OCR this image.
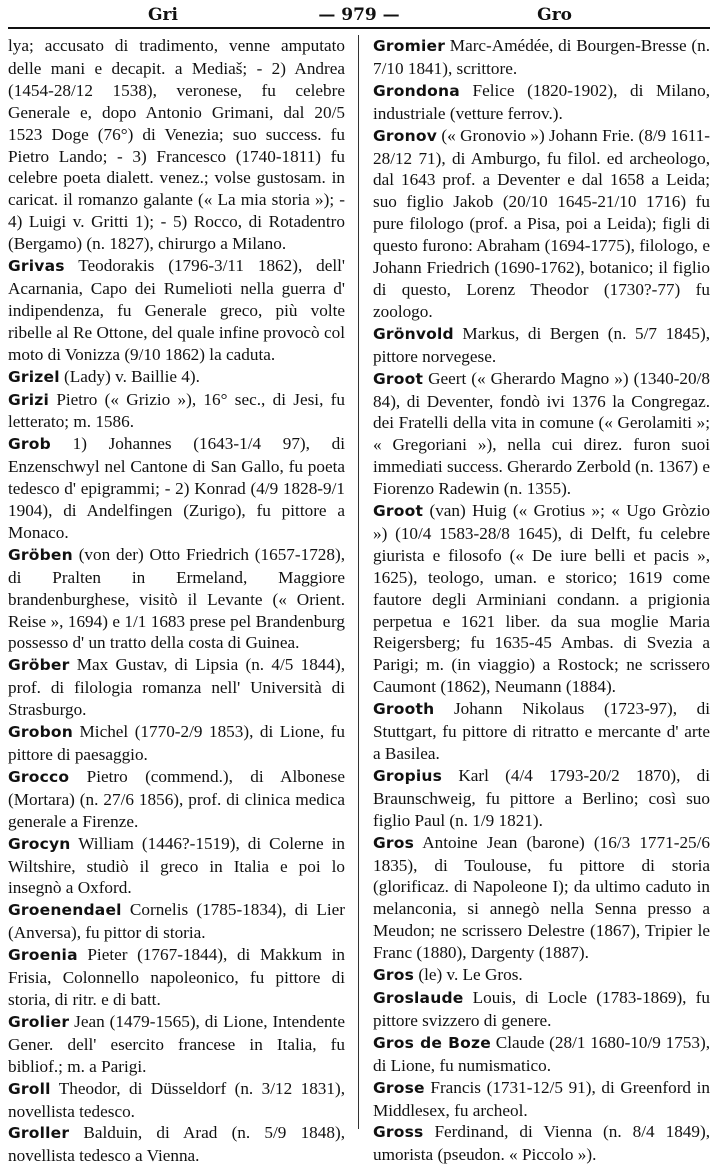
Gri	— 979 —	Gro

lya; accusato di tradimento, venne amputato delle mani e decapit. a Mediaš; - 2) Andrea (1454-28/12 1538), veronese, fu celebre Generale e, dopo Antonio Grimani, dal 20/5 1523 Doge (76°) di Venezia; suo success. fu Pietro Lando; - 3) Francesco (1740-1811) fu celebre poeta dialett. venez.; volse gustosam. in caricat. il romanzo galante (« La mia storia »); - 4) Luigi v. Gritti 1); - 5) Rocco, di Rotadentro (Bergamo) (n. 1827), chirurgo a Milano.

Grivas Teodorakis (1796-3/11 1862), dell' Acarnania, Capo dei Rumelioti nella guerra d' indipendenza, fu Generale greco, più volte ribelle al Re Ottone, del quale infine provocò col moto di Vonizza (9/10 1862) la caduta.

Grizel (Lady) v. Baillie 4).

Grizi Pietro (« Grizio »), 16° sec., di Jesi, fu letterato; m. 1586.

Grob 1) Johannes (1643-1/4 97), di Enzenschwyl nel Cantone di San Gallo, fu poeta tedesco d' epigrammi; - 2) Konrad (4/9 1828-9/1 1904), di Andelfingen (Zurigo), fu pittore a Monaco.

Gröben (von der) Otto Friedrich (1657-1728), di Pralten in Ermeland, Maggiore brandenburghese, visitò il Levante (« Orient. Reise », 1694) e 1/1 1683 prese pel Brandenburg possesso d' un tratto della costa di Guinea.

Gröber Max Gustav, di Lipsia (n. 4/5 1844), prof. di filologia romanza nell' Università di Strasburgo.

Grobon Michel (1770-2/9 1853), di Lione, fu pittore di paesaggio.

Grocco Pietro (commend.), di Albonese (Mortara) (n. 27/6 1856), prof. di clinica medica generale a Firenze.

Grocyn William (1446?-1519), di Colerne in Wiltshire, studiò il greco in Italia e poi lo insegnò a Oxford.

Groenendael Cornelis (1785-1834), di Lier (Anversa), fu pittor di storia.

Groenia Pieter (1767-1844), di Makkum in Frisia, Colonnello napoleonico, fu pittore di storia, di ritr. e di batt.

Grolier Jean (1479-1565), di Lione, Intendente Gener. dell' esercito francese in Italia, fu bibliof.; m. a Parigi.

Groll Theodor, di Düsseldorf (n. 3/12 1831), novellista tedesco.

Groller Balduin, di Arad (n. 5/9 1848), novellista tedesco a Vienna.

Gromier Marc-Amédée, di Bourgen-Bresse (n. 7/10 1841), scrittore.

Grondona Felice (1820-1902), di Milano, industriale (vetture ferrov.).

Gronov (« Gronovio ») Johann Frie. (8/9 1611-28/12 71), di Amburgo, fu filol. ed archeologo, dal 1643 prof. a Deventer e dal 1658 a Leida; suo figlio Jakob (20/10 1645-21/10 1716) fu pure filologo (prof. a Pisa, poi a Leida); figli di questo furono: Abraham (1694-1775), filologo, e Johann Friedrich (1690-1762), botanico; il figlio di questo, Lorenz Theodor (1730?-77) fu zoologo.

Grönvold Markus, di Bergen (n. 5/7 1845), pittore norvegese.

Groot Geert (« Gherardo Magno ») (1340-20/8 84), di Deventer, fondò ivi 1376 la Congregaz. dei Fratelli della vita in comune (« Gerolamiti »; « Gregoriani »), nella cui direz. furon suoi immediati success. Gherardo Zerbold (n. 1367) e Fiorenzo Radewin (n. 1355).

Groot (van) Huig (« Grotius »; « Ugo Gròzio ») (10/4 1583-28/8 1645), di Delft, fu celebre giurista e filosofo (« De iure belli et pacis », 1625), teologo, uman. e storico; 1619 come fautore degli Arminiani condann. a prigionia perpetua e 1621 liber. da sua moglie Maria Reigersberg; fu 1635-45 Ambas. di Svezia a Parigi; m. (in viaggio) a Rostock; ne scrissero Caumont (1862), Neumann (1884).

Grooth Johann Nikolaus (1723-97), di Stuttgart, fu pittore di ritratto e mercante d' arte a Basilea.

Gropius Karl (4/4 1793-20/2 1870), di Braunschweig, fu pittore a Berlino; così suo figlio Paul (n. 1/9 1821).

Gros Antoine Jean (barone) (16/3 1771-25/6 1835), di Toulouse, fu pittore di storia (glorificaz. di Napoleone I); da ultimo caduto in melanconia, si annegò nella Senna presso a Meudon; ne scrissero Delestre (1867), Tripier le Franc (1880), Dargenty (1887).

Gros (le) v. Le Gros.

Groslaude Louis, di Locle (1783-1869), fu pittore svizzero di genere.

Gros de Boze Claude (28/1 1680-10/9 1753), di Lione, fu numismatico.

Grose Francis (1731-12/5 91), di Greenford in Middlesex, fu archeol.

Gross Ferdinand, di Vienna (n. 8/4 1849), umorista (pseudon. « Piccolo »).
